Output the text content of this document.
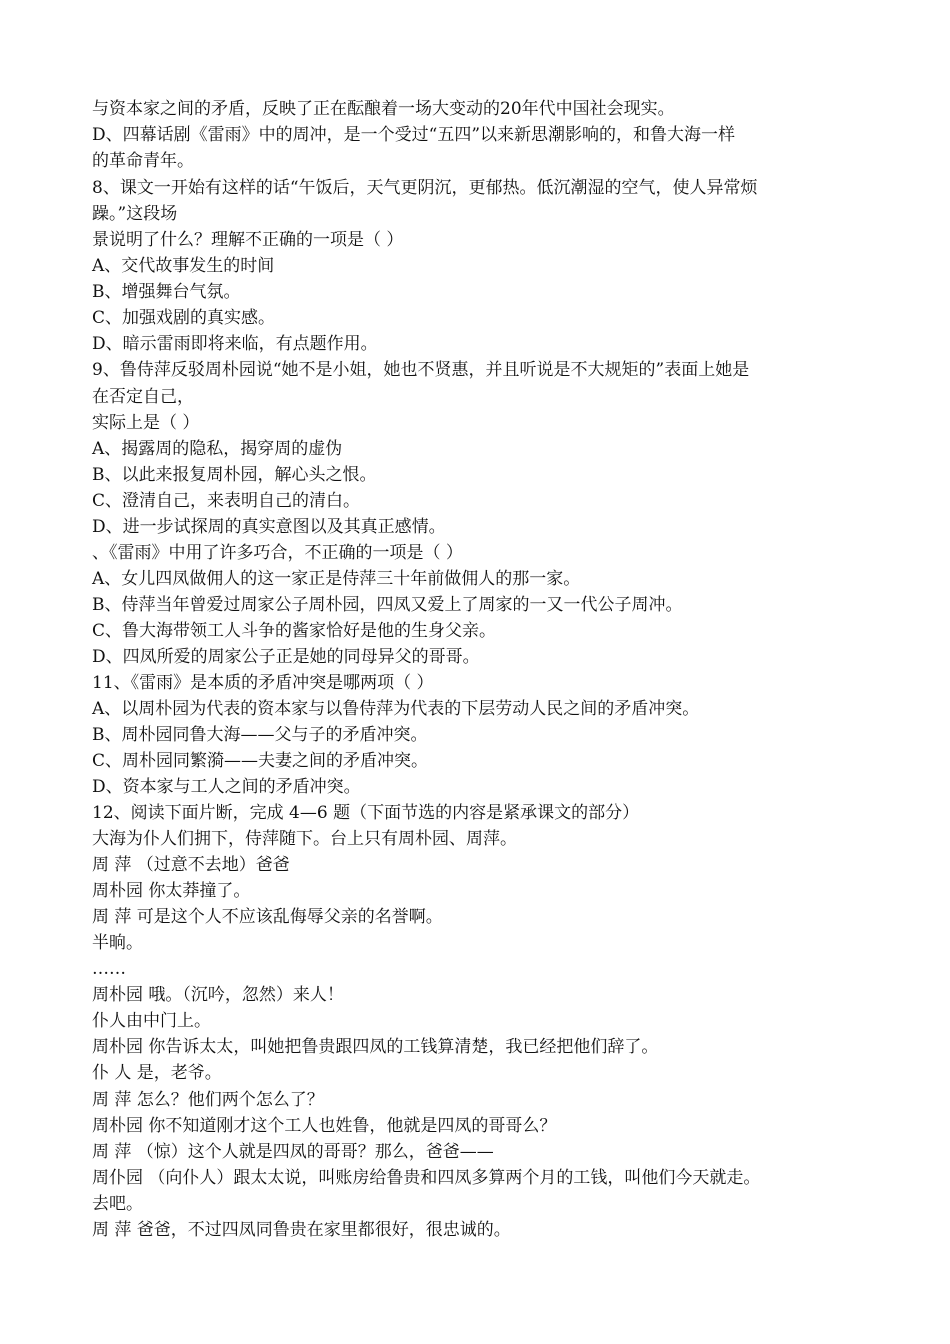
与资本家之间的矛盾，反映了正在酝酿着一场大变动的20年代中国社会现实。
D、四幕话剧《雷雨》中的周冲，是一个受过“五四”以来新思潮影响的，和鲁大海一样
的革命青年。
8、课文一开始有这样的话“午饭后，天气更阴沉，更郁热。低沉潮湿的空气，使人异常烦
躁。”这段场
景说明了什么？理解不正确的一项是（ ）
A、交代故事发生的时间
B、增强舞台气氛。
C、加强戏剧的真实感。
D、暗示雷雨即将来临，有点题作用。
9、鲁侍萍反驳周朴园说“她不是小姐，她也不贤惠，并且听说是不大规矩的”表面上她是
在否定自己，
实际上是（ ）
A、揭露周的隐私，揭穿周的虚伪
B、以此来报复周朴园，解心头之恨。
C、澄清自己，来表明自己的清白。
D、进一步试探周的真实意图以及其真正感情。
、《雷雨》中用了许多巧合，不正确的一项是（ ）
A、女儿四凤做佣人的这一家正是侍萍三十年前做佣人的那一家。
B、侍萍当年曾爱过周家公子周朴园，四凤又爱上了周家的一又一代公子周冲。
C、鲁大海带领工人斗争的酱家恰好是他的生身父亲。
D、四凤所爱的周家公子正是她的同母异父的哥哥。
11、《雷雨》是本质的矛盾冲突是哪两项（ ）
A、以周朴园为代表的资本家与以鲁侍萍为代表的下层劳动人民之间的矛盾冲突。
B、周朴园同鲁大海——父与子的矛盾冲突。
C、周朴园同繁漪——夫妻之间的矛盾冲突。
D、资本家与工人之间的矛盾冲突。
12、阅读下面片断，完成 4—6 题（下面节选的内容是紧承课文的部分）
大海为仆人们拥下，侍萍随下。台上只有周朴园、周萍。
周 萍 （过意不去地）爸爸
周朴园 你太莽撞了。
周 萍 可是这个人不应该乱侮辱父亲的名誉啊。
半晌。
……
周朴园 哦。（沉吟，忽然）来人！
仆人由中门上。
周朴园 你告诉太太，叫她把鲁贵跟四凤的工钱算清楚，我已经把他们辞了。
仆 人 是，老爷。
周 萍 怎么？他们两个怎么了？
周朴园 你不知道刚才这个工人也姓鲁，他就是四凤的哥哥么？
周 萍 （惊）这个人就是四凤的哥哥？那么，爸爸——
周仆园 （向仆人）跟太太说，叫账房给鲁贵和四凤多算两个月的工钱，叫他们今天就走。
去吧。
周 萍 爸爸，不过四凤同鲁贵在家里都很好，很忠诚的。
